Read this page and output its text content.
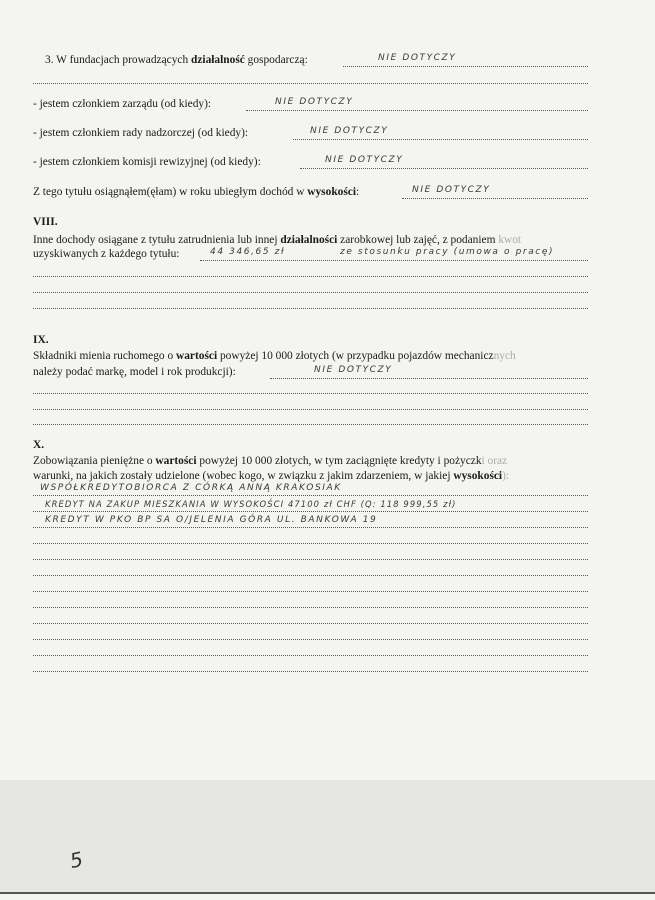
3. W fundacjach prowadzących działalność gospodarczą:	NIE DOTYCZY
- jestem członkiem zarządu (od kiedy):	NIE DOTYCZY
- jestem członkiem rady nadzorczej (od kiedy):	NIE DOTYCZY
- jestem członkiem komisji rewizyjnej (od kiedy):	NIE DOTYCZY
Z tego tytułu osiągnąłem(ęłam) w roku ubiegłym dochód w wysokości:	NIE DOTYCZY
VIII.
Inne dochody osiągane z tytułu zatrudnienia lub innej działalności zarobkowej lub zajęć, z podaniem kwot
uzyskiwanych z każdego tytułu:	44 346,65 zł	ze stosunku pracy (umowa o pracę)
IX.
Składniki mienia ruchomego o wartości powyżej 10 000 złotych (w przypadku pojazdów mechanicznych
należy podać markę, model i rok produkcji):	NIE DOTYCZY
X.
Zobowiązania pieniężne o wartości powyżej 10 000 złotych, w tym zaciągnięte kredyty i pożyczki oraz
warunki, na jakich zostały udzielone (wobec kogo, w związku z jakim zdarzeniem, w jakiej wysokości):
WSPÓŁKREDYTOBIORCA Z CÓRKĄ ANNĄ KRAKOSIAK
KREDYT NA ZAKUP MIESZKANIA W WYSOKOŚCI 47100 zł CHF (Q: 118 999,55 zł)
KREDYT W PKO BP SA O/JELENIA GÓRA UL. BANKOWA 19
5
